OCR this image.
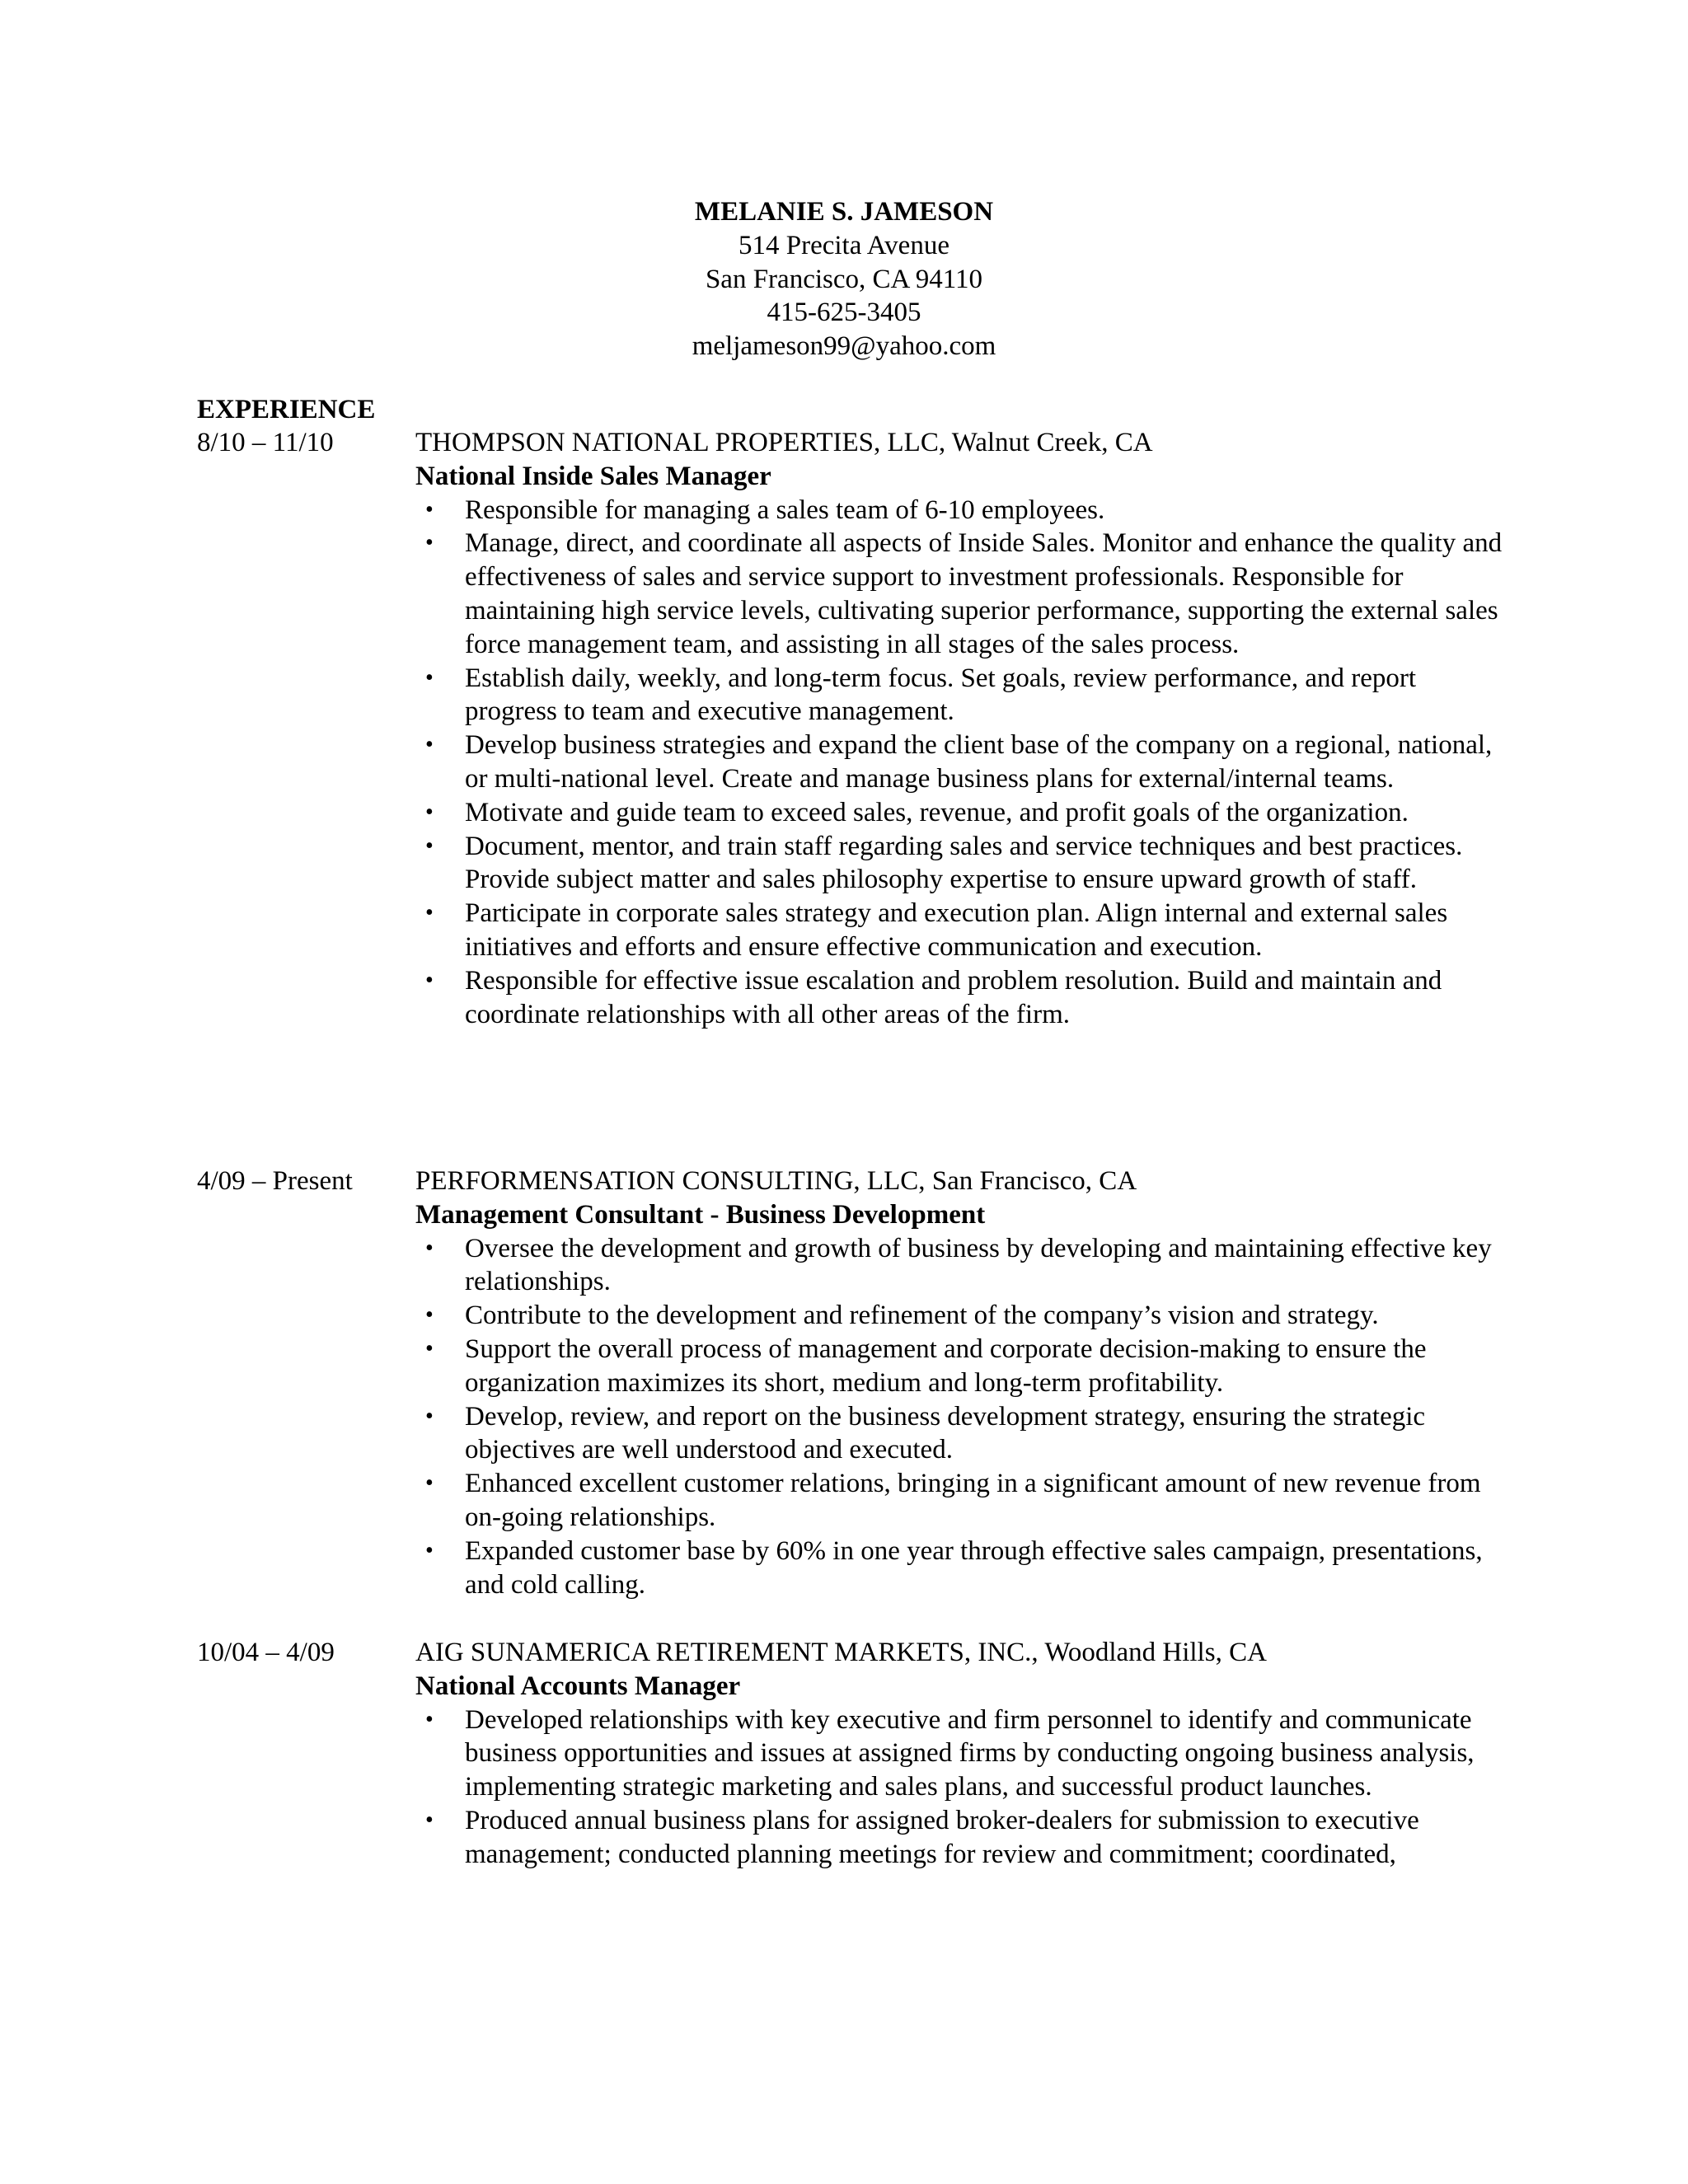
MELANIE S. JAMESON
514 Precita Avenue
San Francisco, CA 94110
415-625-3405
meljameson99@yahoo.com
EXPERIENCE
8/10 – 11/10	THOMPSON NATIONAL PROPERTIES, LLC, Walnut Creek, CA
National Inside Sales Manager
• Responsible for managing a sales team of 6-10 employees.
• Manage, direct, and coordinate all aspects of Inside Sales. Monitor and enhance the quality and effectiveness of sales and service support to investment professionals. Responsible for maintaining high service levels, cultivating superior performance, supporting the external sales force management team, and assisting in all stages of the sales process.
• Establish daily, weekly, and long-term focus. Set goals, review performance, and report progress to team and executive management.
• Develop business strategies and expand the client base of the company on a regional, national, or multi-national level. Create and manage business plans for external/internal teams.
• Motivate and guide team to exceed sales, revenue, and profit goals of the organization.
• Document, mentor, and train staff regarding sales and service techniques and best practices. Provide subject matter and sales philosophy expertise to ensure upward growth of staff.
• Participate in corporate sales strategy and execution plan. Align internal and external sales initiatives and efforts and ensure effective communication and execution.
• Responsible for effective issue escalation and problem resolution. Build and maintain and coordinate relationships with all other areas of the firm.
4/09 – Present PERFORMENSATION CONSULTING, LLC, San Francisco, CA
Management Consultant - Business Development
• Oversee the development and growth of business by developing and maintaining effective key relationships.
• Contribute to the development and refinement of the company’s vision and strategy.
• Support the overall process of management and corporate decision-making to ensure the organization maximizes its short, medium and long-term profitability.
• Develop, review, and report on the business development strategy, ensuring the strategic objectives are well understood and executed.
• Enhanced excellent customer relations, bringing in a significant amount of new revenue from on-going relationships.
• Expanded customer base by 60% in one year through effective sales campaign, presentations, and cold calling.
10/04 – 4/09	AIG SUNAMERICA RETIREMENT MARKETS, INC., Woodland Hills, CA
National Accounts Manager
• Developed relationships with key executive and firm personnel to identify and communicate business opportunities and issues at assigned firms by conducting ongoing business analysis, implementing strategic marketing and sales plans, and successful product launches.
• Produced annual business plans for assigned broker-dealers for submission to executive management; conducted planning meetings for review and commitment; coordinated,
